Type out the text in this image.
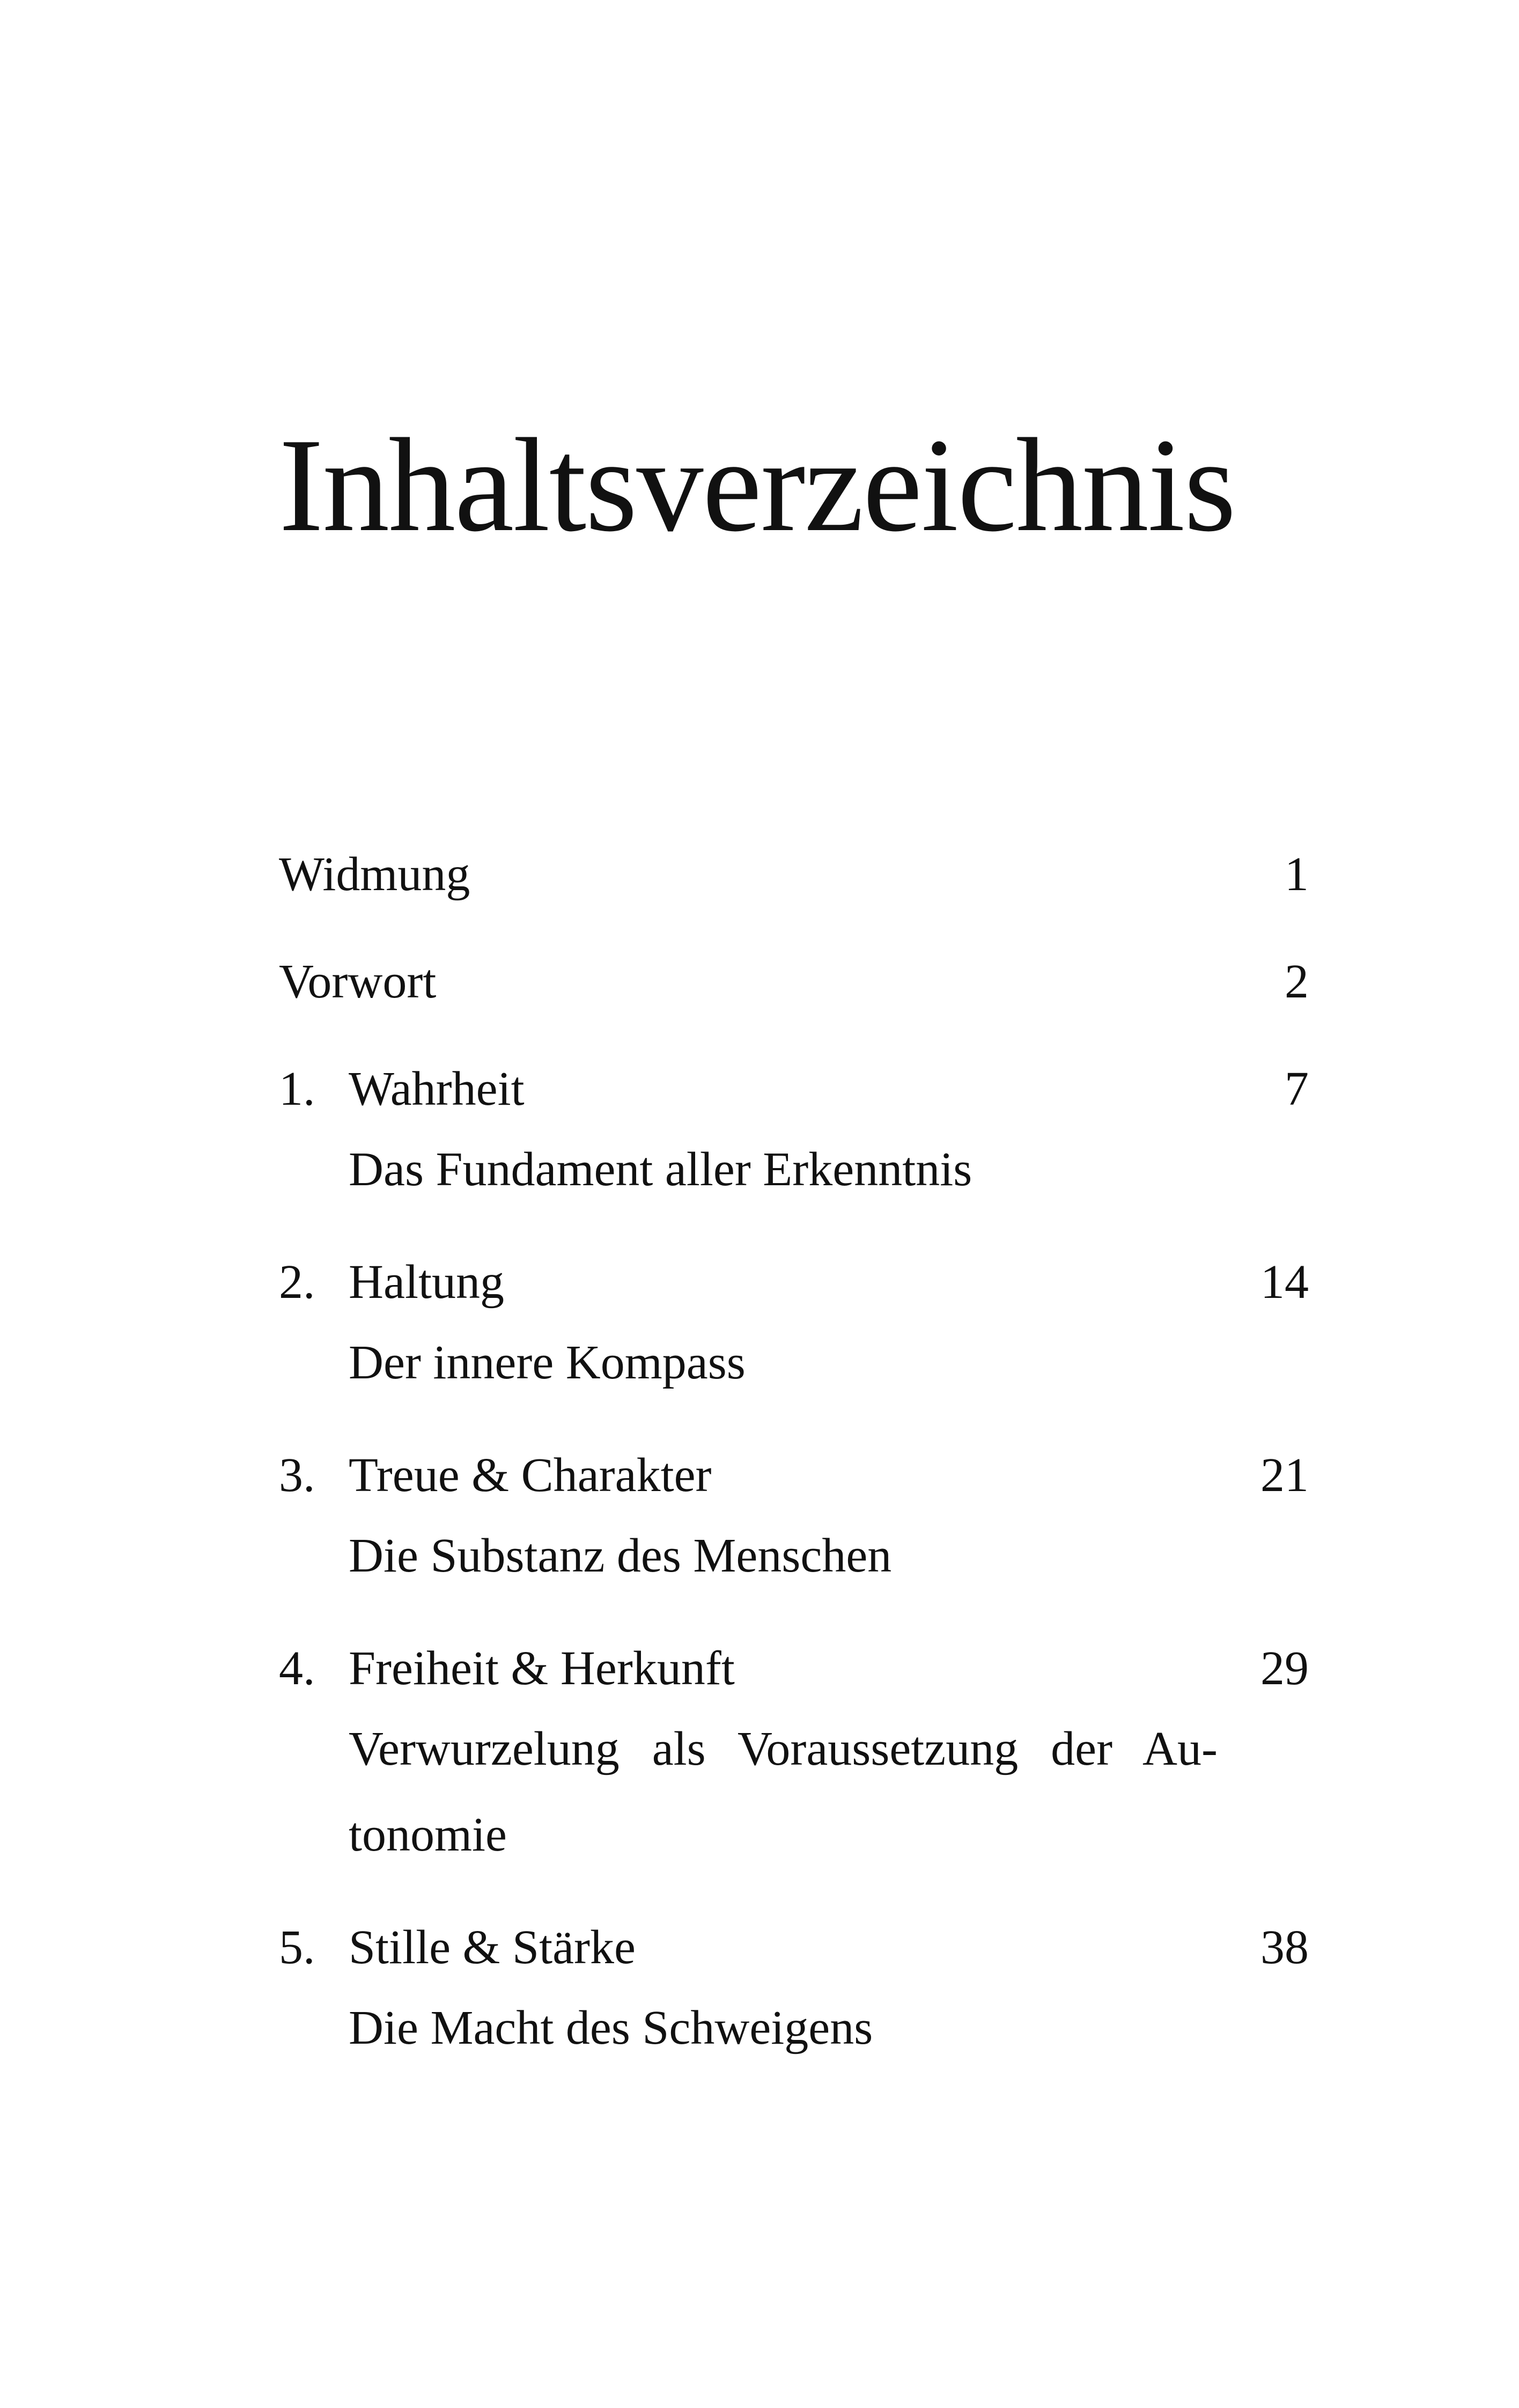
Inhaltsverzeichnis
Widmung	1
Vorwort	2
1. Wahrheit	7
Das Fundament aller Erkenntnis
2. Haltung	14
Der innere Kompass
3. Treue & Charakter	21
Die Substanz des Menschen
4. Freiheit & Herkunft	29
Verwurzelung als Voraussetzung der Au-
tonomie
5. Stille & Stärke	38
Die Macht des Schweigens
